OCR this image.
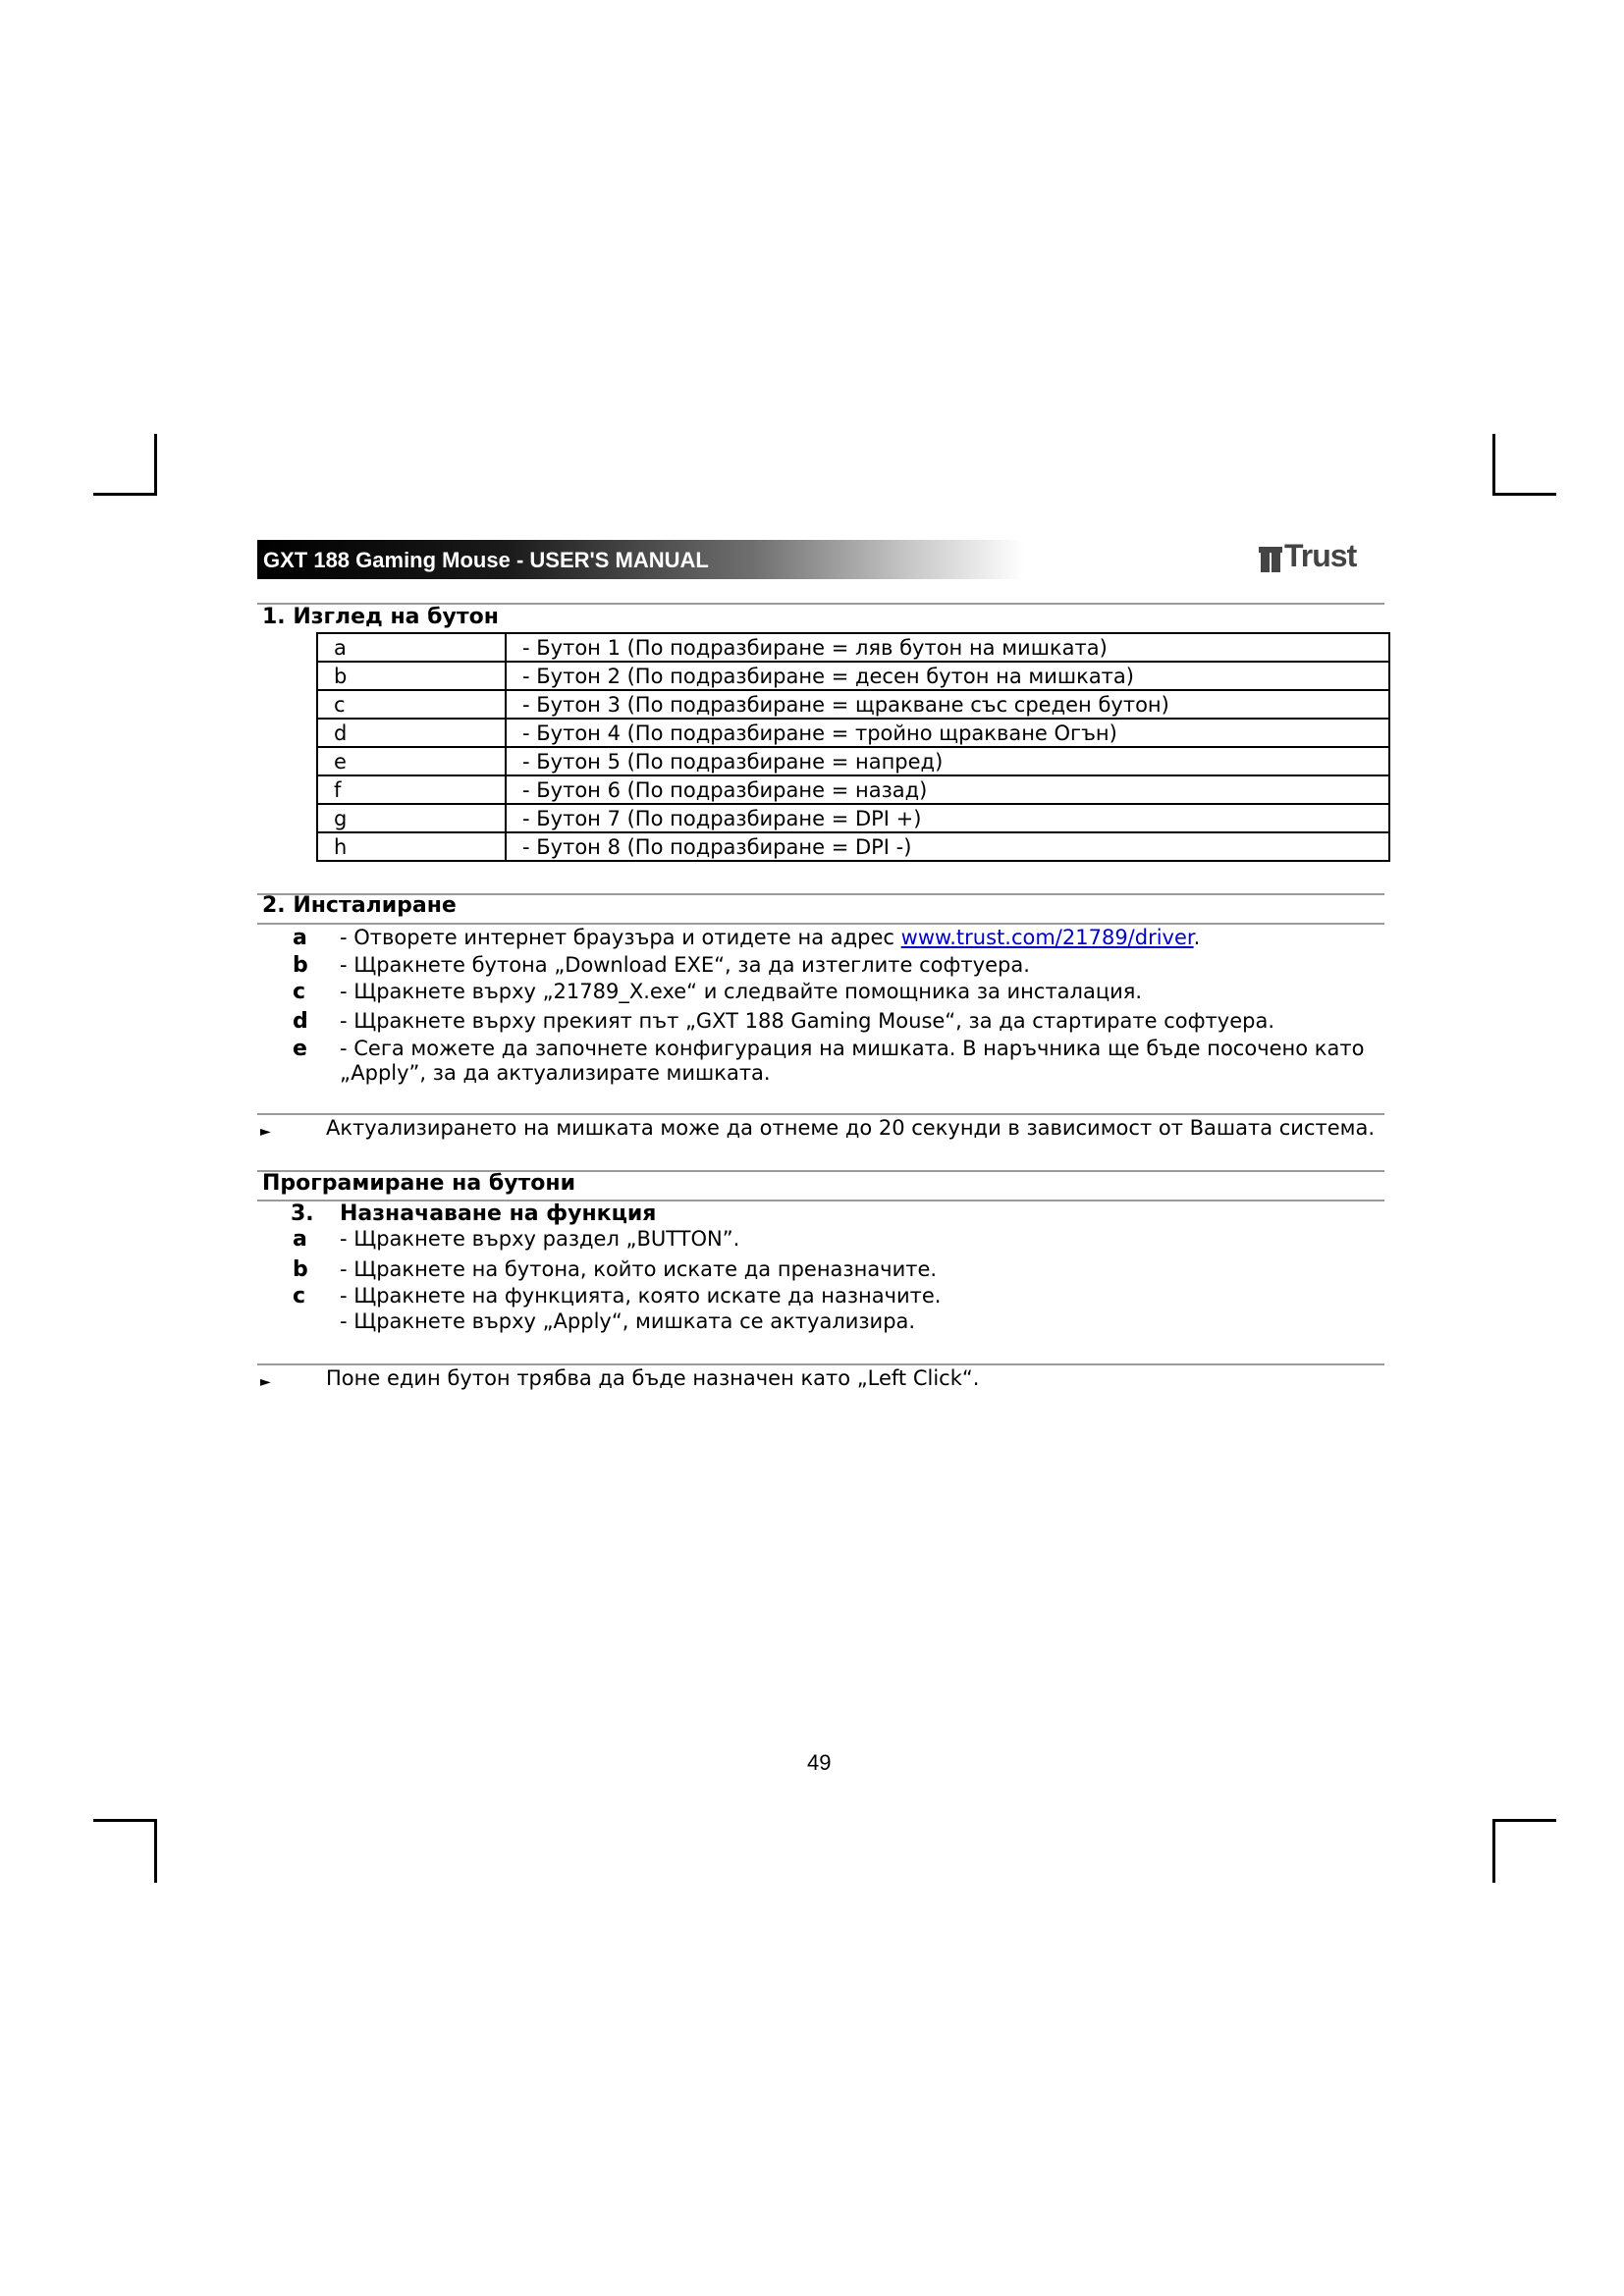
GXT 188 Gaming Mouse - USER'S MANUAL	Trust
1. Изглед на бутон
a	- Бутон 1 (По подразбиране = ляв бутон на мишката)
b	- Бутон 2 (По подразбиране = десен бутон на мишката)
c	- Бутон 3 (По подразбиране = щракване със среден бутон)
d	- Бутон 4 (По подразбиране = тройно щракване Огън)
e	- Бутон 5 (По подразбиране = напред)
f	- Бутон 6 (По подразбиране = назад)
g	- Бутон 7 (По подразбиране = DPI +)
h	- Бутон 8 (По подразбиране = DPI -)
2. Инсталиране
a - Отворете интернет браузъра и отидете на адрес www.trust.com/21789/driver.
b - Щракнете бутона „Download EXE“, за да изтеглите софтуера.
c - Щракнете върху „21789_X.exe“ и следвайте помощника за инсталация.
d - Щракнете върху прекият път „GXT 188 Gaming Mouse“, за да стартирате софтуера.
e - Сега можете да започнете конфигурация на мишката. В наръчника ще бъде посочено като
„Apply”, за да актуализирате мишката.
►	Актуализирането на мишката може да отнеме до 20 секунди в зависимост от Вашата система.
Програмиране на бутони
3. Назначаване на функция
a - Щракнете върху раздел „BUTTON”.
b - Щракнете на бутона, който искате да преназначите.
c - Щракнете на функцията, която искате да назначите.
- Щракнете върху „Apply“, мишката се актуализира.
►	Поне един бутон трябва да бъде назначен като „Left Click“.
49
